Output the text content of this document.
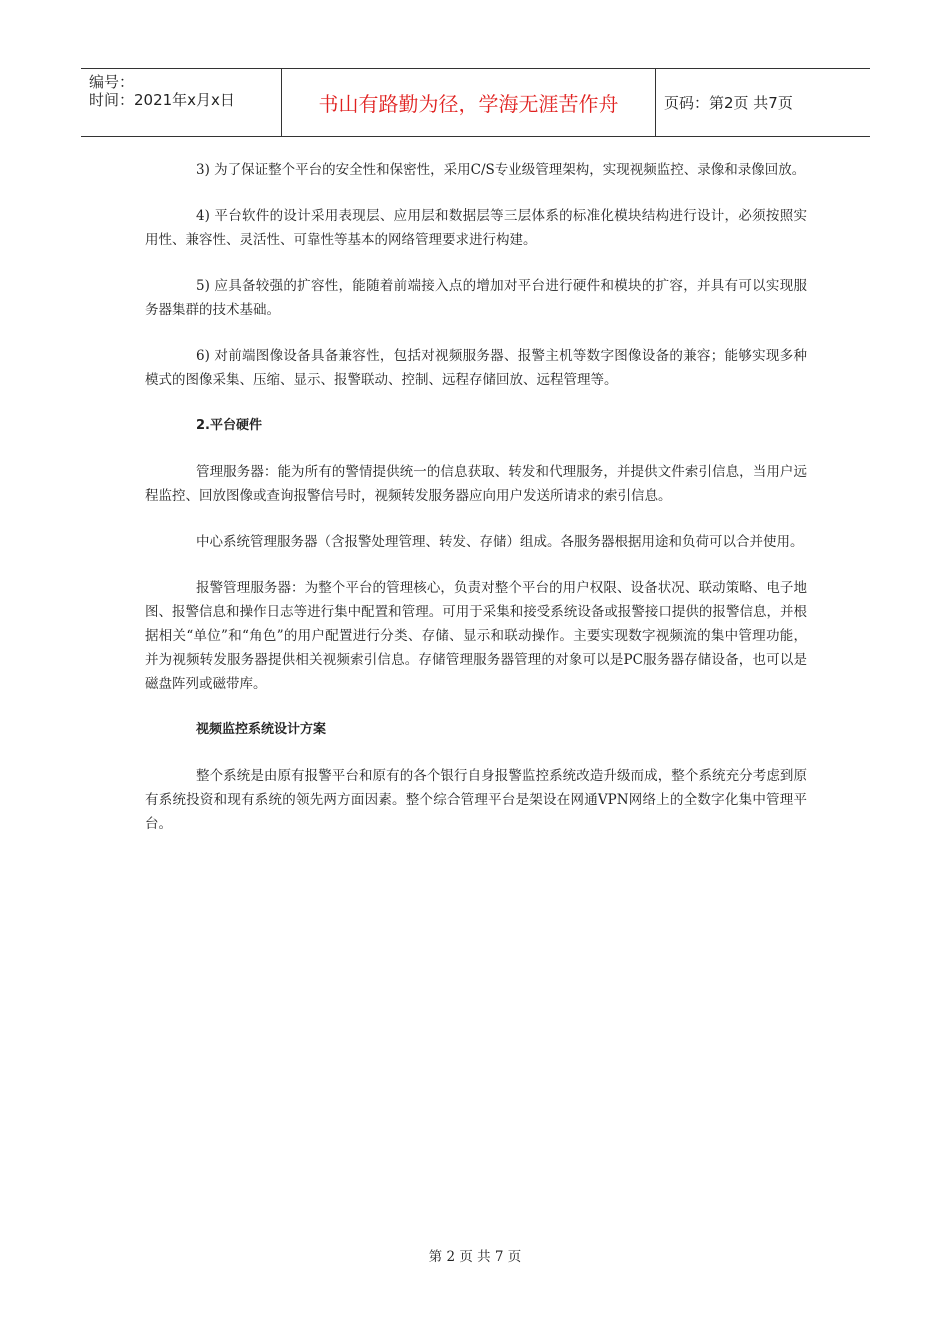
编号：
时间：2021年x月x日	书山有路勤为径，学海无涯苦作舟	页码：第2页 共7页

3) 为了保证整个平台的安全性和保密性，采用C/S专业级管理架构，实现视频监控、录像和录像回放。

4) 平台软件的设计采用表现层、应用层和数据层等三层体系的标准化模块结构进行设计，必须按照实用性、兼容性、灵活性、可靠性等基本的网络管理要求进行构建。

5) 应具备较强的扩容性，能随着前端接入点的增加对平台进行硬件和模块的扩容，并具有可以实现服务器集群的技术基础。

6) 对前端图像设备具备兼容性，包括对视频服务器、报警主机等数字图像设备的兼容；能够实现多种模式的图像采集、压缩、显示、报警联动、控制、远程存储回放、远程管理等。

2.平台硬件

管理服务器：能为所有的警情提供统一的信息获取、转发和代理服务，并提供文件索引信息，当用户远程监控、回放图像或查询报警信号时，视频转发服务器应向用户发送所请求的索引信息。

中心系统管理服务器（含报警处理管理、转发、存储）组成。各服务器根据用途和负荷可以合并使用。

报警管理服务器：为整个平台的管理核心，负责对整个平台的用户权限、设备状况、联动策略、电子地图、报警信息和操作日志等进行集中配置和管理。可用于采集和接受系统设备或报警接口提供的报警信息，并根据相关“单位”和“角色”的用户配置进行分类、存储、显示和联动操作。主要实现数字视频流的集中管理功能，并为视频转发服务器提供相关视频索引信息。存储管理服务器管理的对象可以是PC服务器存储设备，也可以是磁盘阵列或磁带库。

视频监控系统设计方案

整个系统是由原有报警平台和原有的各个银行自身报警监控系统改造升级而成，整个系统充分考虑到原有系统投资和现有系统的领先两方面因素。整个综合管理平台是架设在网通VPN网络上的全数字化集中管理平台。

第 2 页 共 7 页
